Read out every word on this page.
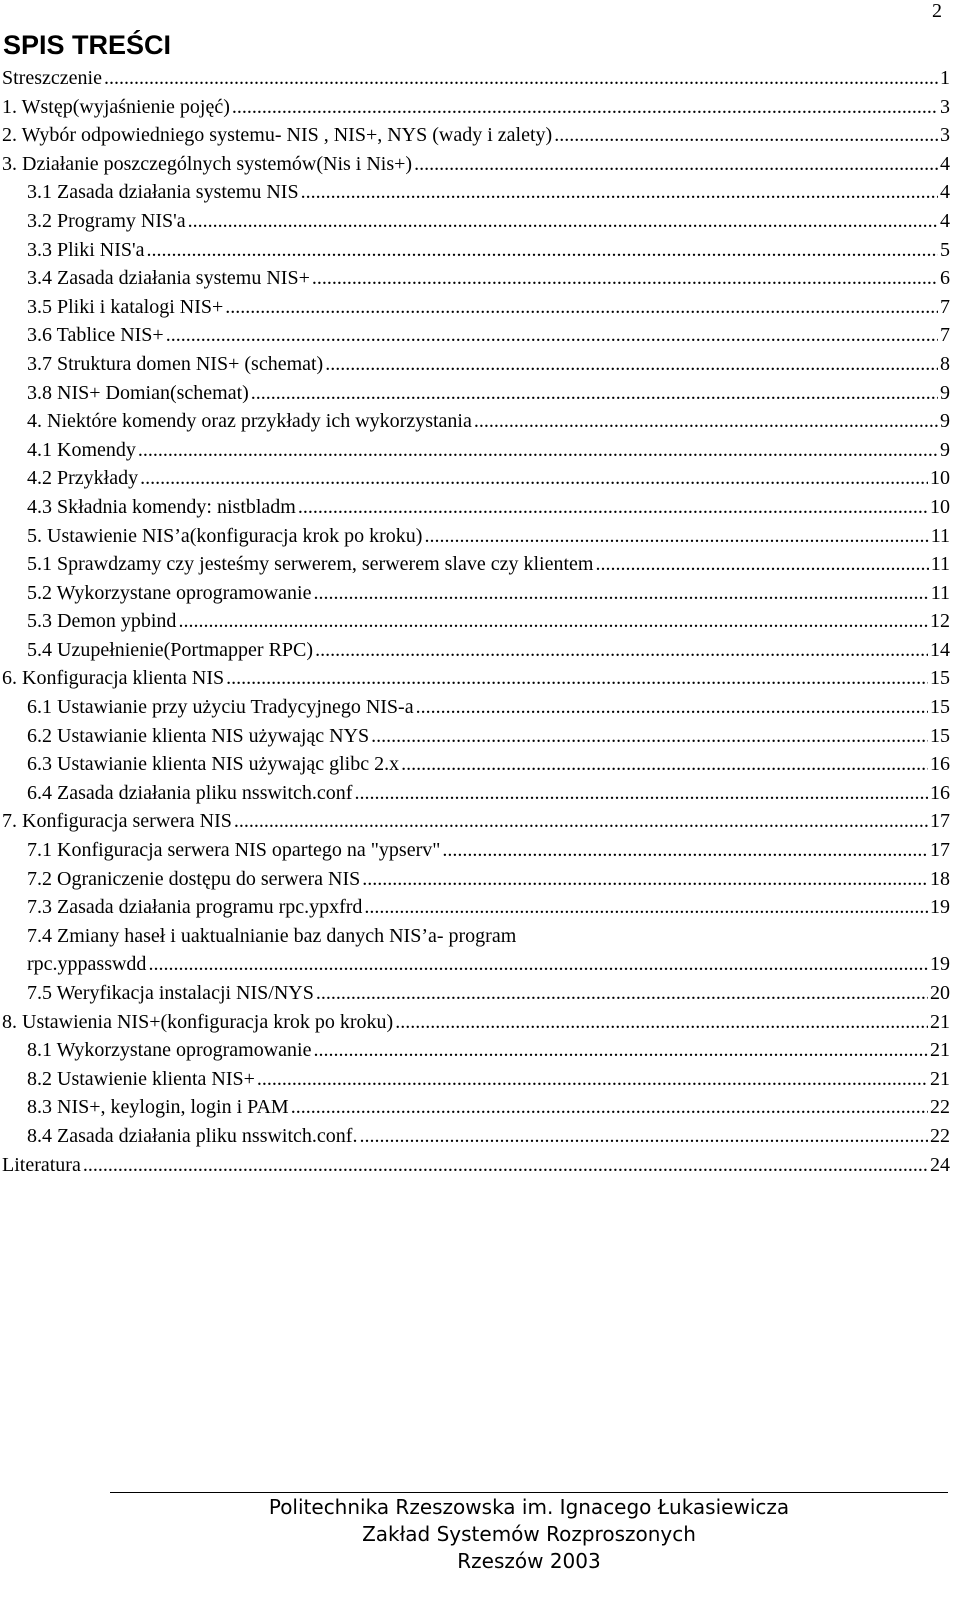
2
SPIS TREŚCI
Streszczenie .....	1
1. Wstęp(wyjaśnienie pojęć) .....	3
2. Wybór odpowiedniego systemu- NIS , NIS+, NYS (wady i zalety) .....	3
3. Działanie poszczególnych systemów(Nis i Nis+) .....	4
3.1 Zasada działania systemu NIS .....	4
3.2 Programy NIS'a .....	4
3.3 Pliki NIS'a .....	5
3.4 Zasada działania systemu NIS+ .....	6
3.5 Pliki i katalogi NIS+ .....	7
3.6 Tablice NIS+ .....	7
3.7 Struktura domen NIS+ (schemat) .....	8
3.8 NIS+ Domian(schemat) .....	9
4. Niektóre komendy oraz przykłady ich wykorzystania .....	9
4.1 Komendy .....	9
4.2 Przykłady .....	10
4.3 Składnia komendy: nistbladm .....	10
5. Ustawienie NIS’a(konfiguracja krok po kroku) .....	11
5.1 Sprawdzamy czy jesteśmy serwerem, serwerem slave czy klientem .....	11
5.2 Wykorzystane oprogramowanie .....	11
5.3 Demon ypbind .....	12
5.4 Uzupełnienie(Portmapper RPC) .....	14
6. Konfiguracja klienta NIS .....	15
6.1 Ustawianie przy użyciu Tradycyjnego NIS-a .....	15
6.2 Ustawianie klienta NIS używając NYS .....	15
6.3 Ustawianie klienta NIS używając glibc 2.x .....	16
6.4 Zasada działania pliku nsswitch.conf .....	16
7. Konfiguracja serwera NIS .....	17
7.1 Konfiguracja serwera NIS opartego na "ypserv" .....	17
7.2 Ograniczenie dostępu do serwera NIS .....	18
7.3 Zasada działania programu rpc.ypxfrd .....	19
7.4 Zmiany haseł i uaktualnianie baz danych NIS’a- program
rpc.yppasswdd .....	19
7.5 Weryfikacja instalacji NIS/NYS .....	20
8. Ustawienia NIS+(konfiguracja krok po kroku) .....	21
8.1 Wykorzystane oprogramowanie .....	21
8.2 Ustawienie klienta NIS+ .....	21
8.3 NIS+, keylogin, login i PAM .....	22
8.4 Zasada działania pliku nsswitch.conf. .....	22
Literatura .....	24
Politechnika Rzeszowska im. Ignacego Łukasiewicza
Zakład Systemów Rozproszonych
Rzeszów 2003
